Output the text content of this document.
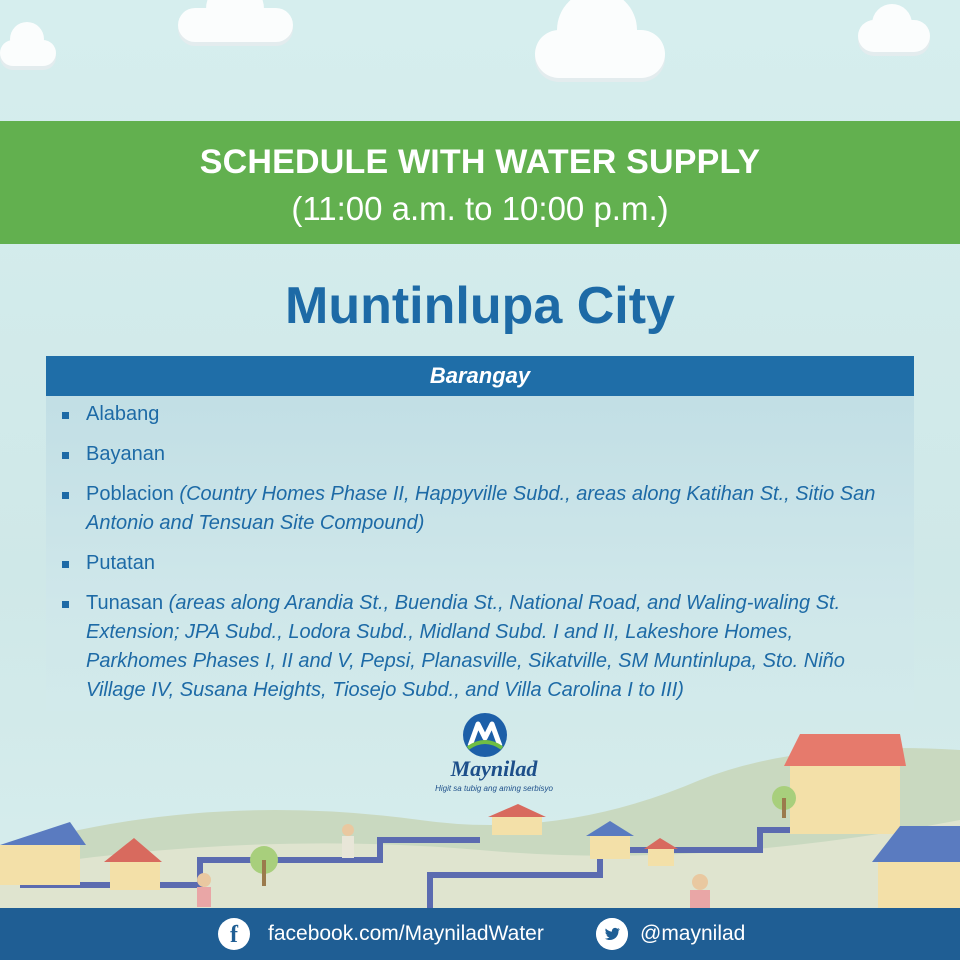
SCHEDULE WITH WATER SUPPLY
(11:00 a.m. to 10:00 p.m.)
Muntinlupa City
Barangay
Alabang
Bayanan
Poblacion (Country Homes Phase II, Happyville Subd., areas along Katihan St., Sitio San Antonio and Tensuan Site Compound)
Putatan
Tunasan (areas along Arandia St., Buendia St., National Road, and Waling-waling St. Extension; JPA Subd., Lodora Subd., Midland Subd. I and II, Lakeshore Homes, Parkhomes Phases I, II and V, Pepsi, Planasville, Sikatville, SM Muntinlupa, Sto. Niño Village IV, Susana Heights, Tiosejo Subd., and Villa Carolina I to III)
Maynilad
Higit sa tubig ang aming serbisyo
f	facebook.com/MayniladWater	@maynilad
